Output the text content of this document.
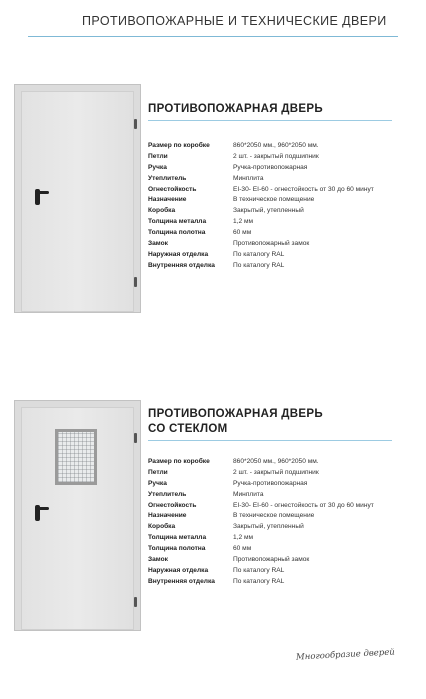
ПРОТИВОПОЖАРНЫЕ И ТЕХНИЧЕСКИЕ ДВЕРИ
ПРОТИВОПОЖАРНАЯ ДВЕРЬ
Размер по коробке	860*2050 мм., 960*2050 мм.
Петли	2 шт. - закрытый подшипник
Ручка	Ручка-противопожарная
Утеплитель	Минплита
Огнестойкость	EI-30- EI-60 - огнестойкость от 30 до 60 минут
Назначение	В техническое помещение
Коробка	Закрытый, утепленный
Толщина металла	1,2 мм
Толщина полотна	60 мм
Замок	Противопожарный замок
Наружная отделка	По каталогу RAL
Внутренняя отделка	По каталогу RAL
ПРОТИВОПОЖАРНАЯ ДВЕРЬ
СО СТЕКЛОМ
Размер по коробке	860*2050 мм., 960*2050 мм.
Петли	2 шт. - закрытый подшипник
Ручка	Ручка-противопожарная
Утеплитель	Минплита
Огнестойкость	EI-30- EI-60 - огнестойкость от 30 до 60 минут
Назначение	В техническое помещение
Коробка	Закрытый, утепленный
Толщина металла	1,2 мм
Толщина полотна	60 мм
Замок	Противопожарный замок
Наружная отделка	По каталогу RAL
Внутренняя отделка	По каталогу RAL
Многообразие дверей
